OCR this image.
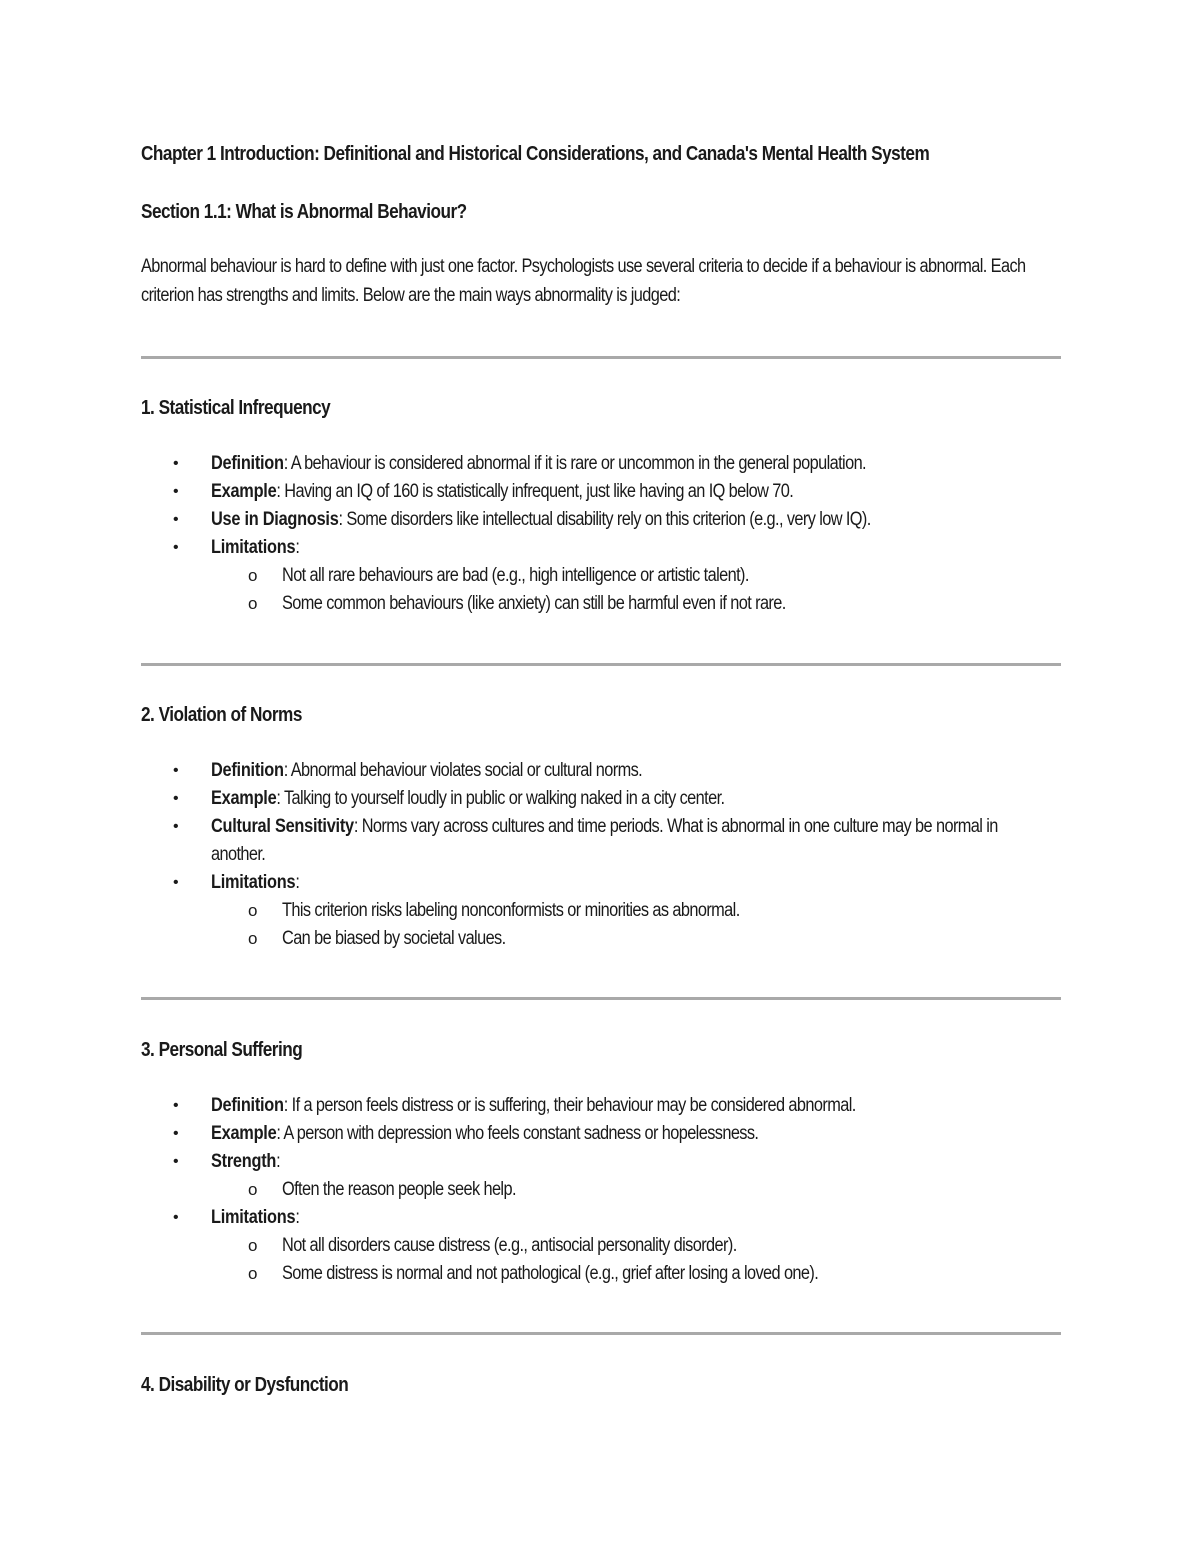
Chapter 1 Introduction: Definitional and Historical Considerations, and Canada's Mental Health System
Section 1.1: What is Abnormal Behaviour?

Abnormal behaviour is hard to define with just one factor. Psychologists use several criteria to decide if a behaviour is abnormal. Each criterion has strengths and limits. Below are the main ways abnormality is judged:

1. Statistical Infrequency
• Definition: A behaviour is considered abnormal if it is rare or uncommon in the general population.
• Example: Having an IQ of 160 is statistically infrequent, just like having an IQ below 70.
• Use in Diagnosis: Some disorders like intellectual disability rely on this criterion (e.g., very low IQ).
• Limitations:
o Not all rare behaviours are bad (e.g., high intelligence or artistic talent).
o Some common behaviours (like anxiety) can still be harmful even if not rare.
2. Violation of Norms
• Definition: Abnormal behaviour violates social or cultural norms.
• Example: Talking to yourself loudly in public or walking naked in a city center.
• Cultural Sensitivity: Norms vary across cultures and time periods. What is abnormal in one culture may be normal in another.
• Limitations:
o This criterion risks labeling nonconformists or minorities as abnormal.
o Can be biased by societal values.
3. Personal Suffering
• Definition: If a person feels distress or is suffering, their behaviour may be considered abnormal.
• Example: A person with depression who feels constant sadness or hopelessness.
• Strength:
o Often the reason people seek help.
• Limitations:
o Not all disorders cause distress (e.g., antisocial personality disorder).
o Some distress is normal and not pathological (e.g., grief after losing a loved one).
4. Disability or Dysfunction
